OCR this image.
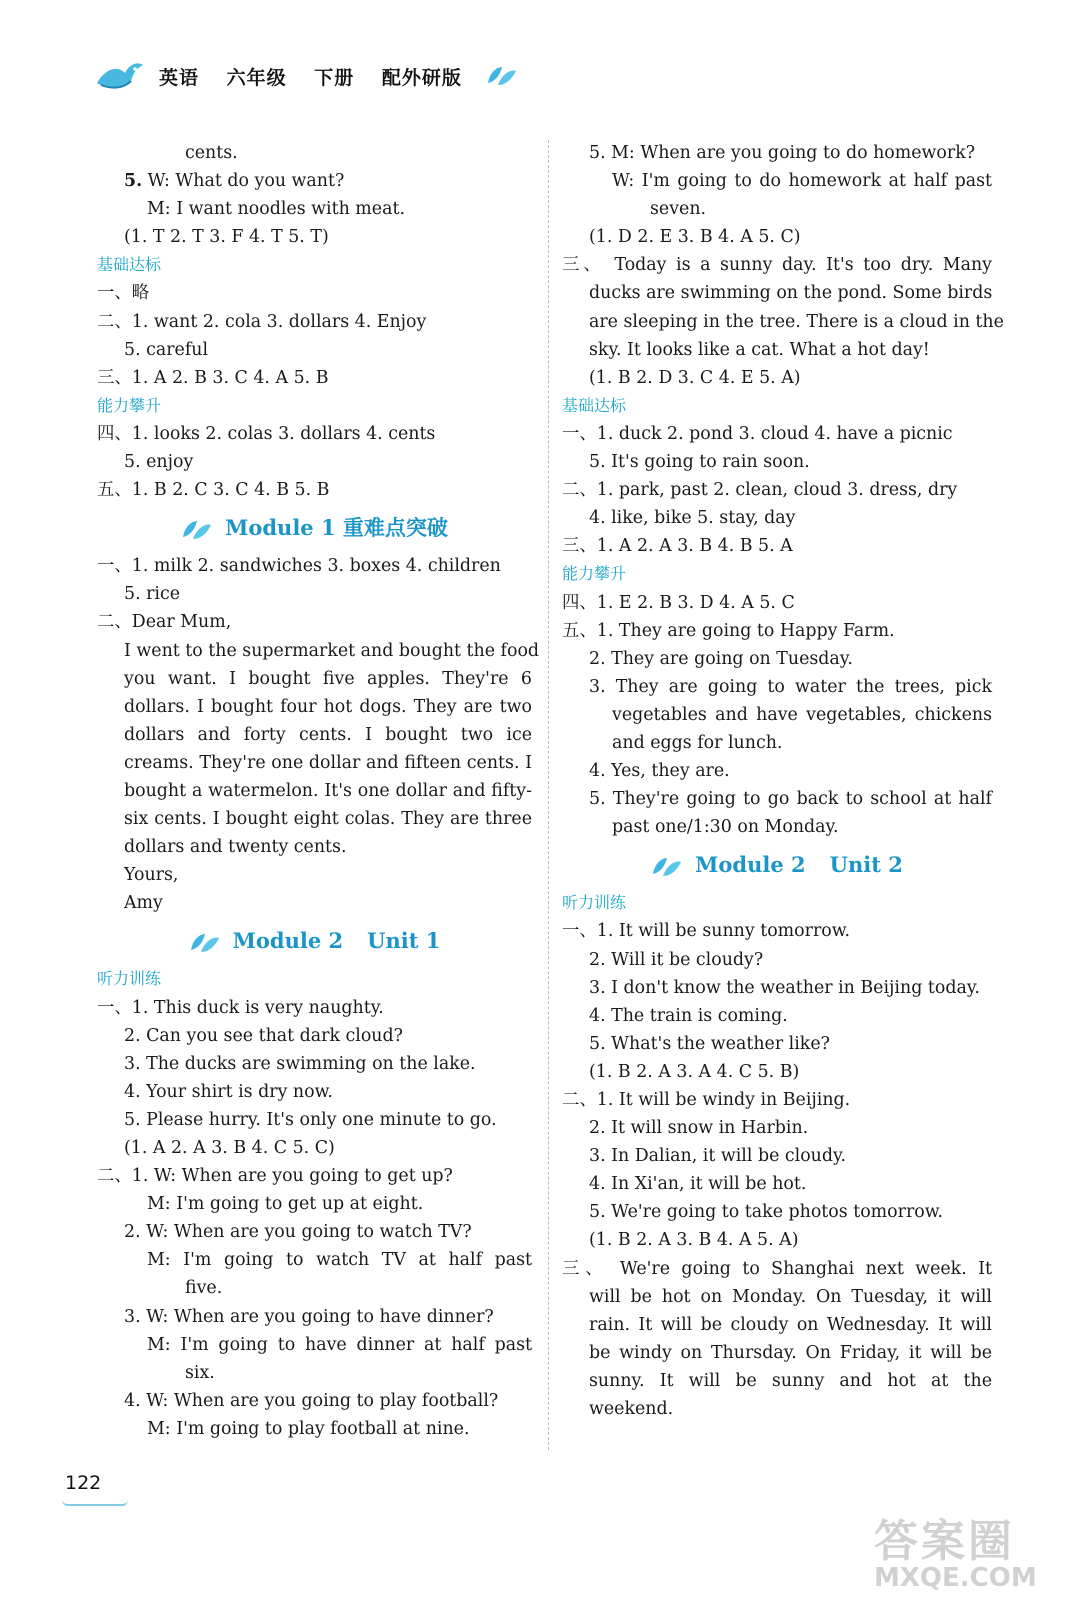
英语 六年级 下册 配外研版
cents.
5. W: What do you want?
M: I want noodles with meat.
(1. T 2. T 3. F 4. T 5. T)
基础达标
一、略
二、1. want 2. cola 3. dollars 4. Enjoy
5. careful
三、1. A 2. B 3. C 4. A 5. B
能力攀升
四、1. looks 2. colas 3. dollars 4. cents
5. enjoy
五、1. B 2. C 3. C 4. B 5. B
Module 1 重难点突破
一、1. milk 2. sandwiches 3. boxes 4. children
5. rice
二、Dear Mum,
I went to the supermarket and bought the food
you want. I bought five apples. They're 6
dollars. I bought four hot dogs. They are two
dollars and forty cents. I bought two ice
creams. They're one dollar and fifteen cents. I
bought a watermelon. It's one dollar and fifty-
six cents. I bought eight colas. They are three
dollars and twenty cents.
Yours,
Amy
Module 2 Unit 1
听力训练
一、1. This duck is very naughty.
2. Can you see that dark cloud?
3. The ducks are swimming on the lake.
4. Your shirt is dry now.
5. Please hurry. It's only one minute to go.
(1. A 2. A 3. B 4. C 5. C)
二、1. W: When are you going to get up?
M: I'm going to get up at eight.
2. W: When are you going to watch TV?
M: I'm going to watch TV at half past
five.
3. W: When are you going to have dinner?
M: I'm going to have dinner at half past
six.
4. W: When are you going to play football?
M: I'm going to play football at nine.
5. M: When are you going to do homework?
W: I'm going to do homework at half past
seven.
(1. D 2. E 3. B 4. A 5. C)
三、 Today is a sunny day. It's too dry. Many
ducks are swimming on the pond. Some birds
are sleeping in the tree. There is a cloud in the
sky. It looks like a cat. What a hot day!
(1. B 2. D 3. C 4. E 5. A)
基础达标
一、1. duck 2. pond 3. cloud 4. have a picnic
5. It's going to rain soon.
二、1. park, past 2. clean, cloud 3. dress, dry
4. like, bike 5. stay, day
三、1. A 2. A 3. B 4. B 5. A
能力攀升
四、1. E 2. B 3. D 4. A 5. C
五、1. They are going to Happy Farm.
2. They are going on Tuesday.
3. They are going to water the trees, pick
vegetables and have vegetables, chickens
and eggs for lunch.
4. Yes, they are.
5. They're going to go back to school at half
past one/1:30 on Monday.
Module 2 Unit 2
听力训练
一、1. It will be sunny tomorrow.
2. Will it be cloudy?
3. I don't know the weather in Beijing today.
4. The train is coming.
5. What's the weather like?
(1. B 2. A 3. A 4. C 5. B)
二、1. It will be windy in Beijing.
2. It will snow in Harbin.
3. In Dalian, it will be cloudy.
4. In Xi'an, it will be hot.
5. We're going to take photos tomorrow.
(1. B 2. A 3. B 4. A 5. A)
三、 We're going to Shanghai next week. It
will be hot on Monday. On Tuesday, it will
rain. It will be cloudy on Wednesday. It will
be windy on Thursday. On Friday, it will be
sunny. It will be sunny and hot at the
weekend.
122
答案圈
MXQE.COM
